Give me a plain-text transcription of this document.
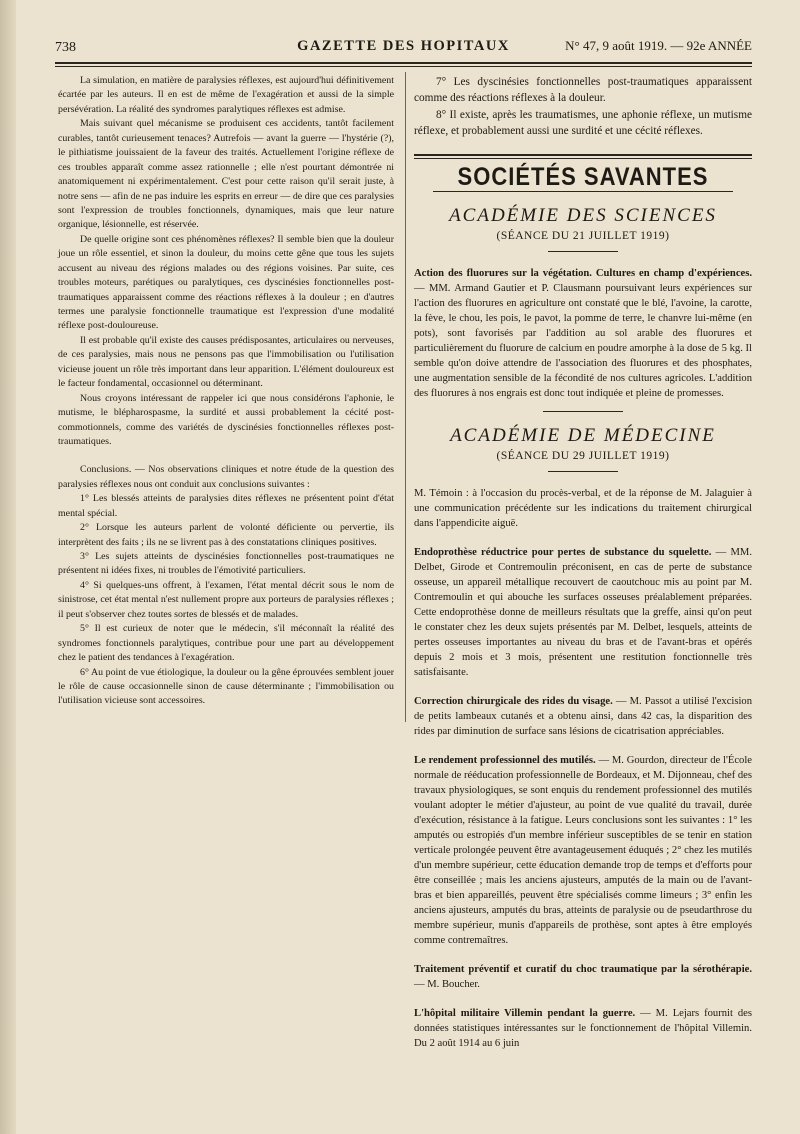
738	GAZETTE DES HOPITAUX	N° 47, 9 août 1919. — 92e ANNÉE

La simulation, en matière de paralysies réflexes, est aujourd'hui définitivement écartée par les auteurs. Il en est de même de l'exagération et aussi de la simple persévération. La réalité des syndromes paralytiques réflexes est admise.

Mais suivant quel mécanisme se produisent ces accidents, tantôt facilement curables, tantôt curieusement tenaces? Autrefois — avant la guerre — l'hystérie (?), le pithiatisme jouissaient de la faveur des traités. Actuellement l'origine réflexe de ces troubles apparaît comme assez rationnelle ; elle n'est pourtant démontrée ni anatomiquement ni expérimentalement. C'est pour cette raison qu'il serait juste, à notre sens — afin de ne pas induire les esprits en erreur — de dire que ces paralysies sont l'expression de troubles fonctionnels, dynamiques, mais que leur nature organique, lésionnelle, est réservée.

De quelle origine sont ces phénomènes réflexes? Il semble bien que la douleur joue un rôle essentiel, et sinon la douleur, du moins cette gêne que tous les sujets accusent au niveau des régions malades ou des régions voisines. Par suite, ces troubles moteurs, parétiques ou paralytiques, ces dyscinésies fonctionnelles post-traumatiques apparaissent comme des réactions réflexes à la douleur ; en d'autres termes une paralysie fonctionnelle traumatique est l'expression d'une modalité réflexe post-douloureuse.

Il est probable qu'il existe des causes prédisposantes, articulaires ou nerveuses, de ces paralysies, mais nous ne pensons pas que l'immobilisation ou l'utilisation vicieuse jouent un rôle très important dans leur apparition. L'élément douloureux est le facteur fondamental, occasionnel ou déterminant.

Nous croyons intéressant de rappeler ici que nous considérons l'aphonie, le mutisme, le blépharospasme, la surdité et aussi probablement la cécité post-commotionnels, comme des variétés de dyscinésies fonctionnelles réflexes post-traumatiques.

Conclusions. — Nos observations cliniques et notre étude de la question des paralysies réflexes nous ont conduit aux conclusions suivantes :

1° Les blessés atteints de paralysies dites réflexes ne présentent point d'état mental spécial.

2° Lorsque les auteurs parlent de volonté déficiente ou perverti​e, ils interprètent des faits ; ils ne se livrent pas à des constatations cliniques positives.

3° Les sujets atteints de dyscinésies fonctionnelles post-traumatiques ne présentent ni idées fixes, ni troubles de l'émotivité particuliers.

4° Si quelques-uns offrent, à l'examen, l'état mental décrit sous le nom de sinistrose, cet état mental n'est nullement propre aux porteurs de paralysies réflexes ; il peut s'observer chez toutes sortes de blessés et de malades.

5° Il est curieux de noter que le médecin, s'il méconnaît la réalité des syndromes fonctionnels paralytiques, contribue pour une part au développement chez le patient des tendances à l'exagération.

6° Au point de vue étiologique, la douleur ou la gêne éprouvées semblent jouer le rôle de cause occasionnelle sinon de cause déterminante ; l'immobilisation ou l'utilisation vicieuse sont accessoires.

7° Les dyscinésies fonctionnelles post-traumatiques apparaissent comme des réactions réflexes à la douleur.

8° Il existe, après les traumatismes, une aphonie réflexe, un mutisme réflexe, et probablement aussi une surdité et une cécité réflexes.

SOCIÉTÉS SAVANTES
ACADÉMIE DES SCIENCES
(SÉANCE DU 21 JUILLET 1919)

Action des fluorures sur la végétation. Cultures en champ d'expériences. — MM. Armand Gautier et P. Clausmann poursuivant leurs expériences sur l'action des fluorures en agriculture ont constaté que le blé, l'avoine, la carotte, la fève, le chou, les pois, le pavot, la pomme de terre, le chanvre lui-même (en pots), sont favorisés par l'addition au sol arable des fluorures et particulièrement du fluorure de calcium en poudre amorphe à la dose de 5 kg. Il semble qu'on doive attendre de l'association des fluorures et des phosphates, une augmentation sensible de la fécondité de nos cultures agricoles. L'addition des fluorures à nos engrais est donc tout indiquée et pleine de promesses.

ACADÉMIE DE MÉDECINE
(SÉANCE DU 29 JUILLET 1919)

M. Témoin : à l'occasion du procès-verbal, et de la réponse de M. Jalaguier à une communication précédente sur les indications du traitement chirurgical dans l'appendicite aiguë.

Endoprothèse réductrice pour pertes de substance du squelette. — MM. Delbet, Girode et Contremoulin préconisent, en cas de perte de substance osseuse, un appareil métallique recouvert de caoutchouc mis au point par M. Contremoulin et qui abouche les surfaces osseuses préalablement préparées. Cette endoprothèse donne de meilleurs résultats que la greffe, ainsi qu'on peut le constater chez les deux sujets présentés par M. Delbet, lesquels, atteints de pertes osseuses importantes au niveau du bras et de l'avant-bras et opérés depuis 2 mois et 3 mois, présentent une restitution fonctionnelle très satisfaisante.

Correction chirurgicale des rides du visage. — M. Passot a utilisé l'excision de petits lambeaux cutanés et a obtenu ainsi, dans 42 cas, la disparition des rides par diminution de surface sans lésions de cicatrisation appréciables.

Le rendement professionnel des mutilés. — M. Gourdon, directeur de l'École normale de rééducation professionnelle de Bordeaux, et M. Dijonneau, chef des travaux physiologiques, se sont enquis du rendement professionnel des mutilés voulant adopter le métier d'ajusteur, au point de vue qualité du travail, durée d'exécution, résistance à la fatigue. Leurs conclusions sont les suivantes : 1° les amputés ou estropiés d'un membre inférieur susceptibles de se tenir en station verticale prolongée peuvent être avantageusement éduqués ; 2° chez les mutilés d'un membre supérieur, cette éducation demande trop de temps et d'efforts pour être conseillée ; mais les anciens ajusteurs, amputés de la main ou de l'avant-bras et bien appareillés, peuvent être spécialisés comme limeurs ; 3° enfin les anciens ajusteurs, amputés du bras, atteints de paralysie ou de pseudarthrose du membre supérieur, munis d'appareils de prothèse, sont aptes à être employés comme contremaîtres.

Traitement préventif et curatif du choc traumatique par la sérothérapie. — M. Boucher.

L'hôpital militaire Villemin pendant la guerre. — M. Lejars fournit des données statistiques intéressantes sur le fonctionnement de l'hôpital Villemin. Du 2 août 1914 au 6 juin
